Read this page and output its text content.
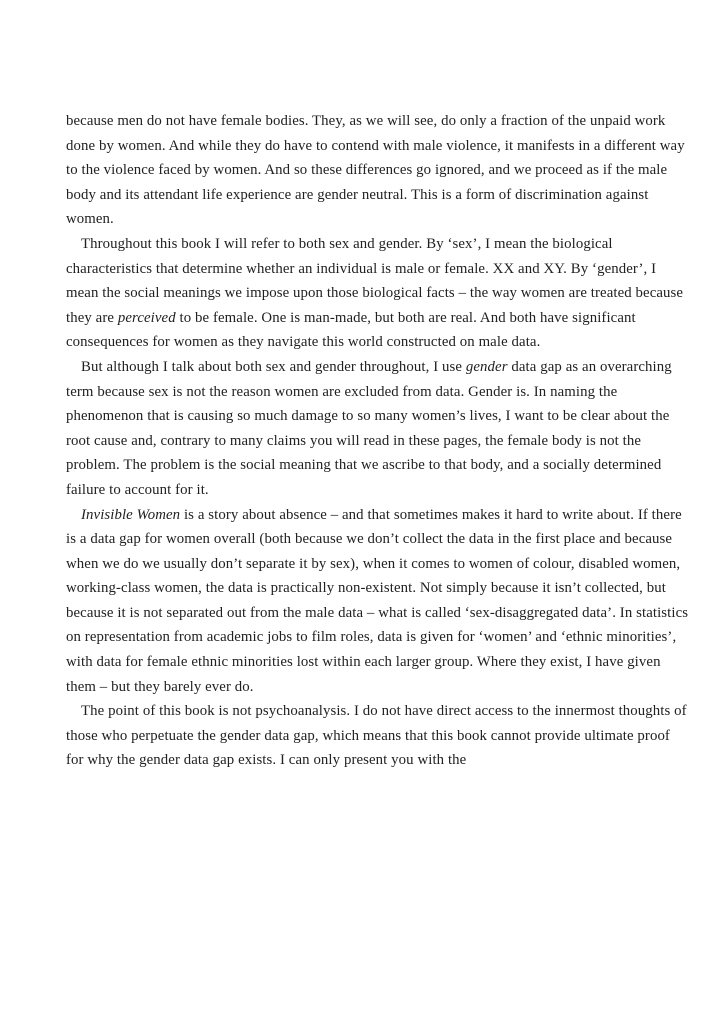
because men do not have female bodies. They, as we will see, do only a fraction of the unpaid work done by women. And while they do have to contend with male violence, it manifests in a different way to the violence faced by women. And so these differences go ignored, and we proceed as if the male body and its attendant life experience are gender neutral. This is a form of discrimination against women.

Throughout this book I will refer to both sex and gender. By ‘sex’, I mean the biological characteristics that determine whether an individual is male or female. XX and XY. By ‘gender’, I mean the social meanings we impose upon those biological facts – the way women are treated because they are perceived to be female. One is man-made, but both are real. And both have significant consequences for women as they navigate this world constructed on male data.

But although I talk about both sex and gender throughout, I use gender data gap as an overarching term because sex is not the reason women are excluded from data. Gender is. In naming the phenomenon that is causing so much damage to so many women’s lives, I want to be clear about the root cause and, contrary to many claims you will read in these pages, the female body is not the problem. The problem is the social meaning that we ascribe to that body, and a socially determined failure to account for it.

Invisible Women is a story about absence – and that sometimes makes it hard to write about. If there is a data gap for women overall (both because we don’t collect the data in the first place and because when we do we usually don’t separate it by sex), when it comes to women of colour, disabled women, working-class women, the data is practically non-existent. Not simply because it isn’t collected, but because it is not separated out from the male data – what is called ‘sex-disaggregated data’. In statistics on representation from academic jobs to film roles, data is given for ‘women’ and ‘ethnic minorities’, with data for female ethnic minorities lost within each larger group. Where they exist, I have given them – but they barely ever do.

The point of this book is not psychoanalysis. I do not have direct access to the innermost thoughts of those who perpetuate the gender data gap, which means that this book cannot provide ultimate proof for why the gender data gap exists. I can only present you with the
